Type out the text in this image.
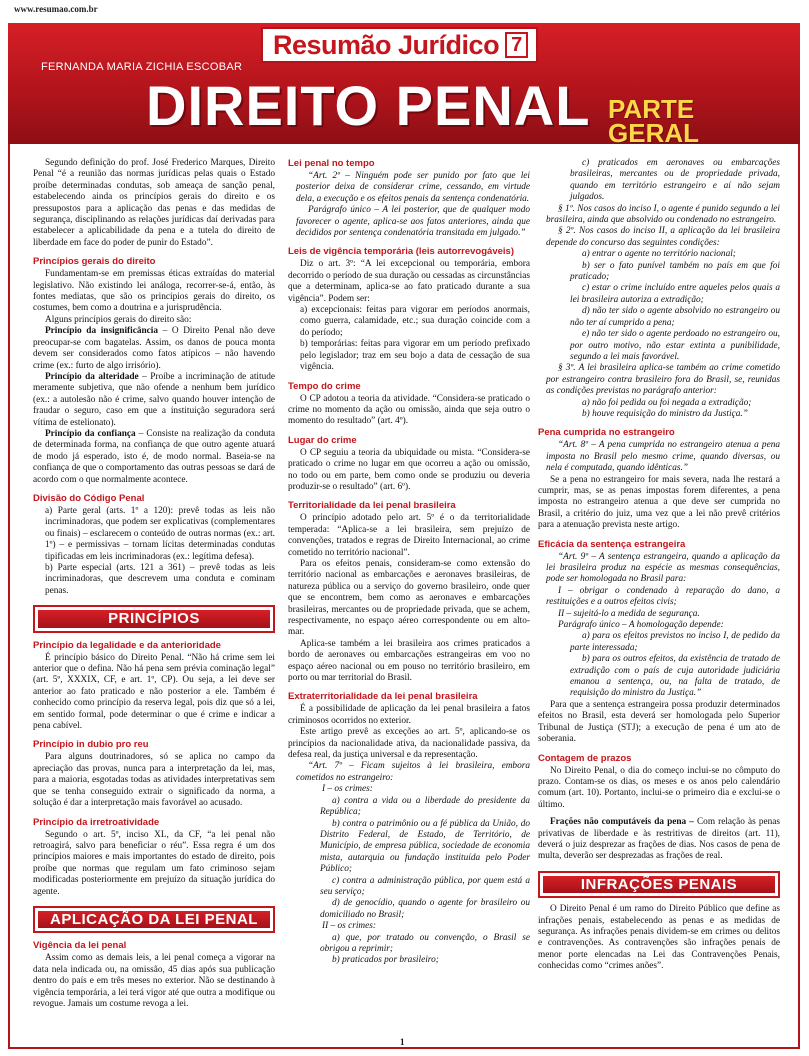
www.resumao.com.br
Resumão Jurídico 7
FERNANDA MARIA ZICHIA ESCOBAR
DIREITO PENAL PARTE GERAL

Segundo definição do prof. José Frederico Marques, Direito Penal “é a reunião das normas jurídicas pelas quais o Estado proíbe determinadas condutas, sob ameaça de sanção penal, estabelecendo ainda os princípios gerais do direito e os pressupostos para a aplicação das penas e das medidas de segurança, disciplinando as relações jurídicas daí derivadas para estabelecer a aplicabilidade da pena e a tutela do direito de liberdade em face do poder de punir do Estado”.

Princípios gerais do direito

Fundamentam-se em premissas éticas extraídas do material legislativo. Não existindo lei análoga, recorrer-se-á, então, às fontes mediatas, que são os princípios gerais do direito, os costumes, bem como a doutrina e a jurisprudência.

Alguns princípios gerais do direito são:

Princípio da insignificância – O Direito Penal não deve preocupar-se com bagatelas. Assim, os danos de pouca monta devem ser considerados como fatos atípicos – não havendo crime (ex.: furto de algo irrisório).

Princípio da alteridade – Proíbe a incriminação de atitude meramente subjetiva, que não ofende a nenhum bem jurídico (ex.: a autolesão não é crime, salvo quando houver intenção de fraudar o seguro, caso em que a instituição seguradora será vítima de estelionato).

Princípio da confiança – Consiste na realização da conduta de determinada forma, na confiança de que outro agente atuará de modo já esperado, isto é, de modo normal. Baseia-se na confiança de que o comportamento das outras pessoas se dará de acordo com o que normalmente acontece.

Divisão do Código Penal

a) Parte geral (arts. 1º a 120): prevê todas as leis não incriminadoras, que podem ser explicativas (complementares ou finais) – esclarecem o conteúdo de outras normas (ex.: art. 1º) – e permissivas – tornam lícitas determinadas condutas tipificadas em leis incriminadoras (ex.: legítima defesa).

b) Parte especial (arts. 121 a 361) – prevê todas as leis incriminadoras, que descrevem uma conduta e cominam penas.

PRINCÍPIOS
Princípio da legalidade e da anterioridade

É princípio básico do Direito Penal. “Não há crime sem lei anterior que o defina. Não há pena sem prévia cominação legal” (art. 5º, XXXIX, CF, e art. 1º, CP). Ou seja, a lei deve ser anterior ao fato praticado e não posterior a ele. Também é conhecido como princípio da reserva legal, pois diz que só a lei, em sentido formal, pode determinar o que é crime e indicar a pena cabível.

Princípio in dubio pro reu

Para alguns doutrinadores, só se aplica no campo da apreciação das provas, nunca para a interpretação da lei, mas, para a maioria, esgotadas todas as atividades interpretativas sem que se tenha conseguido extrair o significado da norma, a solução é dar a interpretação mais favorável ao acusado.

Princípio da irretroatividade

Segundo o art. 5º, inciso XL, da CF, “a lei penal não retroagirá, salvo para beneficiar o réu”. Essa regra é um dos princípios maiores e mais importantes do estado de direito, pois proíbe que normas que regulam um fato criminoso sejam modificadas posteriormente em prejuízo da situação jurídica do agente.

APLICAÇÃO DA LEI PENAL
Vigência da lei penal

Assim como as demais leis, a lei penal começa a vigorar na data nela indicada ou, na omissão, 45 dias após sua publicação dentro do país e em três meses no exterior. Não se destinando à vigência temporária, a lei terá vigor até que outra a modifique ou revogue. Jamais um costume revoga a lei.

Lei penal no tempo

“Art. 2º – Ninguém pode ser punido por fato que lei posterior deixa de considerar crime, cessando, em virtude dela, a execução e os efeitos penais da sentença condenatória.

Parágrafo único – A lei posterior, que de qualquer modo favorecer o agente, aplica-se aos fatos anteriores, ainda que decididos por sentença condenatória transitada em julgado.”

Leis de vigência temporária (leis autorrevogáveis)

Diz o art. 3º: “A lei excepcional ou temporária, embora decorrido o período de sua duração ou cessadas as circunstâncias que a determinam, aplica-se ao fato praticado durante a sua vigência”. Podem ser:

a) excepcionais: feitas para vigorar em períodos anormais, como guerra, calamidade, etc.; sua duração coincide com a do período;

b) temporárias: feitas para vigorar em um período prefixado pelo legislador; traz em seu bojo a data de cessação de sua vigência.

Tempo do crime

O CP adotou a teoria da atividade. “Considera-se praticado o crime no momento da ação ou omissão, ainda que seja outro o momento do resultado” (art. 4º).

Lugar do crime

O CP seguiu a teoria da ubiquidade ou mista. “Considera-se praticado o crime no lugar em que ocorreu a ação ou omissão, no todo ou em parte, bem como onde se produziu ou deveria produzir-se o resultado” (art. 6º).

Territorialidade da lei penal brasileira

O princípio adotado pelo art. 5º é o da territorialidade temperada: “Aplica-se a lei brasileira, sem prejuízo de convenções, tratados e regras de Direito Internacional, ao crime cometido no território nacional”.

Para os efeitos penais, consideram-se como extensão do território nacional as embarcações e aeronaves brasileiras, de natureza pública ou a serviço do governo brasileiro, onde quer que se encontrem, bem como as aeronaves e embarcações brasileiras, mercantes ou de propriedade privada, que se achem, respectivamente, no espaço aéreo correspondente ou em alto-mar.

Aplica-se também a lei brasileira aos crimes praticados a bordo de aeronaves ou embarcações estrangeiras em voo no espaço aéreo nacional ou em pouso no território brasileiro, em porto ou mar territorial do Brasil.

Extraterritorialidade da lei penal brasileira

É a possibilidade de aplicação da lei penal brasileira a fatos criminosos ocorridos no exterior.

Este artigo prevê as exceções ao art. 5º, aplicando-se os princípios da nacionalidade ativa, da nacionalidade passiva, da defesa real, da justiça universal e da representação.

“Art. 7º – Ficam sujeitos à lei brasileira, embora cometidos no estrangeiro:

I – os crimes:

a) contra a vida ou a liberdade do presidente da República;

b) contra o patrimônio ou a fé pública da União, do Distrito Federal, de Estado, de Território, de Município, de empresa pública, sociedade de economia mista, autarquia ou fundação instituída pelo Poder Público;

c) contra a administração pública, por quem está a seu serviço;

d) de genocídio, quando o agente for brasileiro ou domiciliado no Brasil;

II – os crimes:

a) que, por tratado ou convenção, o Brasil se obrigou a reprimir;

b) praticados por brasileiro;

c) praticados em aeronaves ou embarcações brasileiras, mercantes ou de propriedade privada, quando em território estrangeiro e aí não sejam julgados.

§ 1º. Nos casos do inciso I, o agente é punido segundo a lei brasileira, ainda que absolvido ou condenado no estrangeiro.

§ 2º. Nos casos do inciso II, a aplicação da lei brasileira depende do concurso das seguintes condições:

a) entrar o agente no território nacional;

b) ser o fato punível também no país em que foi praticado;

c) estar o crime incluído entre aqueles pelos quais a lei brasileira autoriza a extradição;

d) não ter sido o agente absolvido no estrangeiro ou não ter aí cumprido a pena;

e) não ter sido o agente perdoado no estrangeiro ou, por outro motivo, não estar extinta a punibilidade, segundo a lei mais favorável.

§ 3º. A lei brasileira aplica-se também ao crime cometido por estrangeiro contra brasileiro fora do Brasil, se, reunidas as condições previstas no parágrafo anterior:

a) não foi pedida ou foi negada a extradição;

b) houve requisição do ministro da Justiça.”

Pena cumprida no estrangeiro

“Art. 8º – A pena cumprida no estrangeiro atenua a pena imposta no Brasil pelo mesmo crime, quando diversas, ou nela é computada, quando idênticas.”

Se a pena no estrangeiro for mais severa, nada lhe restará a cumprir, mas, se as penas impostas forem diferentes, a pena imposta no estrangeiro atenua a que deve ser cumprida no Brasil, a critério do juiz, uma vez que a lei não prevê critérios para a atenuação prevista neste artigo.

Eficácia da sentença estrangeira

“Art. 9º – A sentença estrangeira, quando a aplicação da lei brasileira produz na espécie as mesmas consequências, pode ser homologada no Brasil para:

I – obrigar o condenado à reparação do dano, a restituições e a outros efeitos civis;

II – sujeitá-lo a medida de segurança.

Parágrafo único – A homologação depende:

a) para os efeitos previstos no inciso I, de pedido da parte interessada;

b) para os outros efeitos, da existência de tratado de extradição com o país de cuja autoridade judiciária emanou a sentença, ou, na falta de tratado, de requisição do ministro da Justiça.”

Para que a sentença estrangeira possa produzir determinados efeitos no Brasil, esta deverá ser homologada pelo Superior Tribunal de Justiça (STJ); a execução de pena é um ato de soberania.

Contagem de prazos

No Direito Penal, o dia do começo inclui-se no cômputo do prazo. Contam-se os dias, os meses e os anos pelo calendário comum (art. 10). Portanto, inclui-se o primeiro dia e exclui-se o último.

Frações não computáveis da pena – Com relação às penas privativas de liberdade e às restritivas de direitos (art. 11), deverá o juiz desprezar as frações de dias. Nos casos de pena de multa, deverão ser desprezadas as frações de real.

INFRAÇÕES PENAIS

O Direito Penal é um ramo do Direito Público que define as infrações penais, estabelecendo as penas e as medidas de segurança. As infrações penais dividem-se em crimes ou delitos e contravenções. As contravenções são infrações penais de menor porte elencadas na Lei das Contravenções Penais, conhecidas como “crimes anões”.

1
